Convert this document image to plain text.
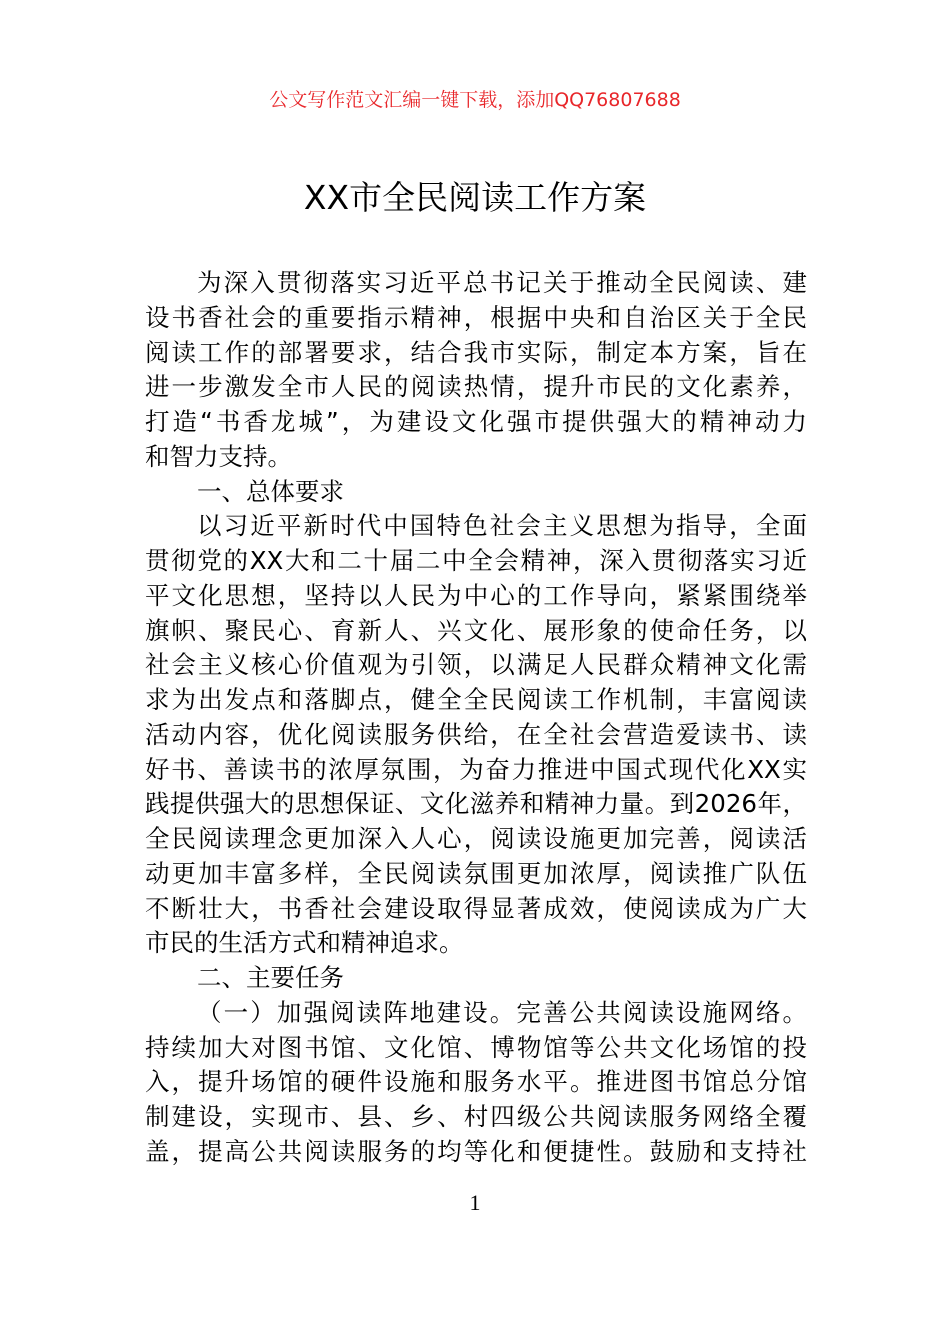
公文写作范文汇编一键下载，添加QQ76807688
XX市全民阅读工作方案
为深入贯彻落实习近平总书记关于推动全民阅读、建
设书香社会的重要指示精神，根据中央和自治区关于全民
阅读工作的部署要求，结合我市实际，制定本方案，旨在
进一步激发全市人民的阅读热情，提升市民的文化素养，
打造“书香龙城”，为建设文化强市提供强大的精神动力
和智力支持。
一、总体要求
以习近平新时代中国特色社会主义思想为指导，全面
贯彻党的XX大和二十届二中全会精神，深入贯彻落实习近
平文化思想，坚持以人民为中心的工作导向，紧紧围绕举
旗帜、聚民心、育新人、兴文化、展形象的使命任务，以
社会主义核心价值观为引领，以满足人民群众精神文化需
求为出发点和落脚点，健全全民阅读工作机制，丰富阅读
活动内容，优化阅读服务供给，在全社会营造爱读书、读
好书、善读书的浓厚氛围，为奋力推进中国式现代化XX实
践提供强大的思想保证、文化滋养和精神力量。到2026年，
全民阅读理念更加深入人心，阅读设施更加完善，阅读活
动更加丰富多样，全民阅读氛围更加浓厚，阅读推广队伍
不断壮大，书香社会建设取得显著成效，使阅读成为广大
市民的生活方式和精神追求。
二、主要任务
（一）加强阅读阵地建设。完善公共阅读设施网络。
持续加大对图书馆、文化馆、博物馆等公共文化场馆的投
入，提升场馆的硬件设施和服务水平。推进图书馆总分馆
制建设，实现市、县、乡、村四级公共阅读服务网络全覆
盖，提高公共阅读服务的均等化和便捷性。鼓励和支持社
1
